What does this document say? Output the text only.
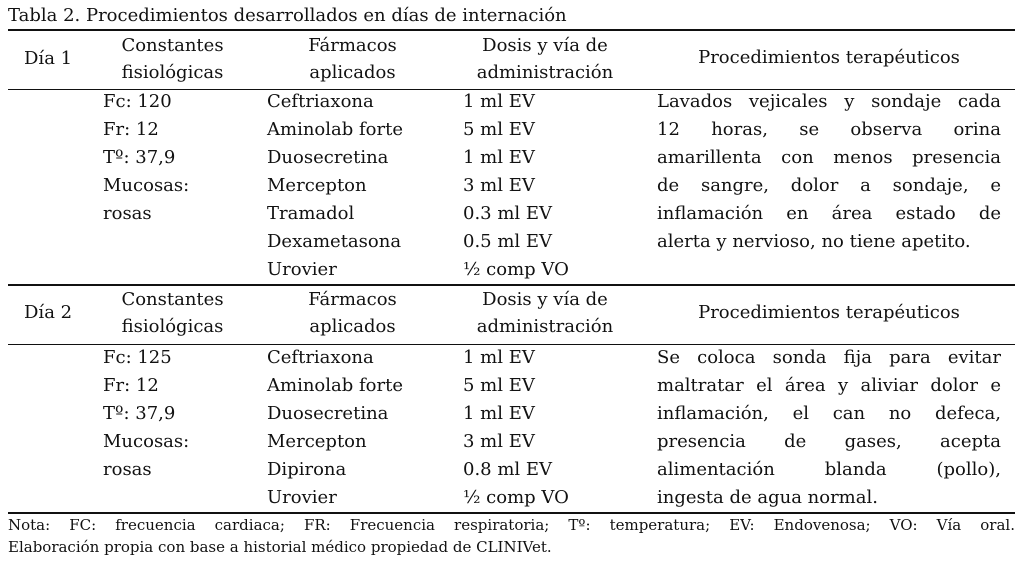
Tabla 2. Procedimientos desarrollados en días de internación
Día 1
Constantes
fisiológicas
Fármacos
aplicados
Dosis y vía de
administración
Procedimientos terapéuticos
Fc: 120
Fr: 12
Tº: 37,9
Mucosas:
rosas
Ceftriaxona
Aminolab forte
Duosecretina
Mercepton
Tramadol
Dexametasona
Urovier
1 ml EV
5 ml EV
1 ml EV
3 ml EV
0.3 ml EV
0.5 ml EV
½ comp VO
Lavados vejicales y sondaje cada
12 horas, se observa orina
amarillenta con menos presencia
de sangre, dolor a sondaje, e
inflamación en área estado de
alerta y nervioso, no tiene apetito.
Día 2
Constantes
fisiológicas
Fármacos
aplicados
Dosis y vía de
administración
Procedimientos terapéuticos
Fc: 125
Fr: 12
Tº: 37,9
Mucosas:
rosas
Ceftriaxona
Aminolab forte
Duosecretina
Mercepton
Dipirona
Urovier
1 ml EV
5 ml EV
1 ml EV
3 ml EV
0.8 ml EV
½ comp VO
Se coloca sonda fija para evitar
maltratar el área y aliviar dolor e
inflamación, el can no defeca,
presencia de gases, acepta
alimentación blanda (pollo),
ingesta de agua normal.
Nota: FC: frecuencia cardiaca; FR: Frecuencia respiratoria; Tº: temperatura; EV: Endovenosa; VO: Vía oral.
Elaboración propia con base a historial médico propiedad de CLINIVet.
